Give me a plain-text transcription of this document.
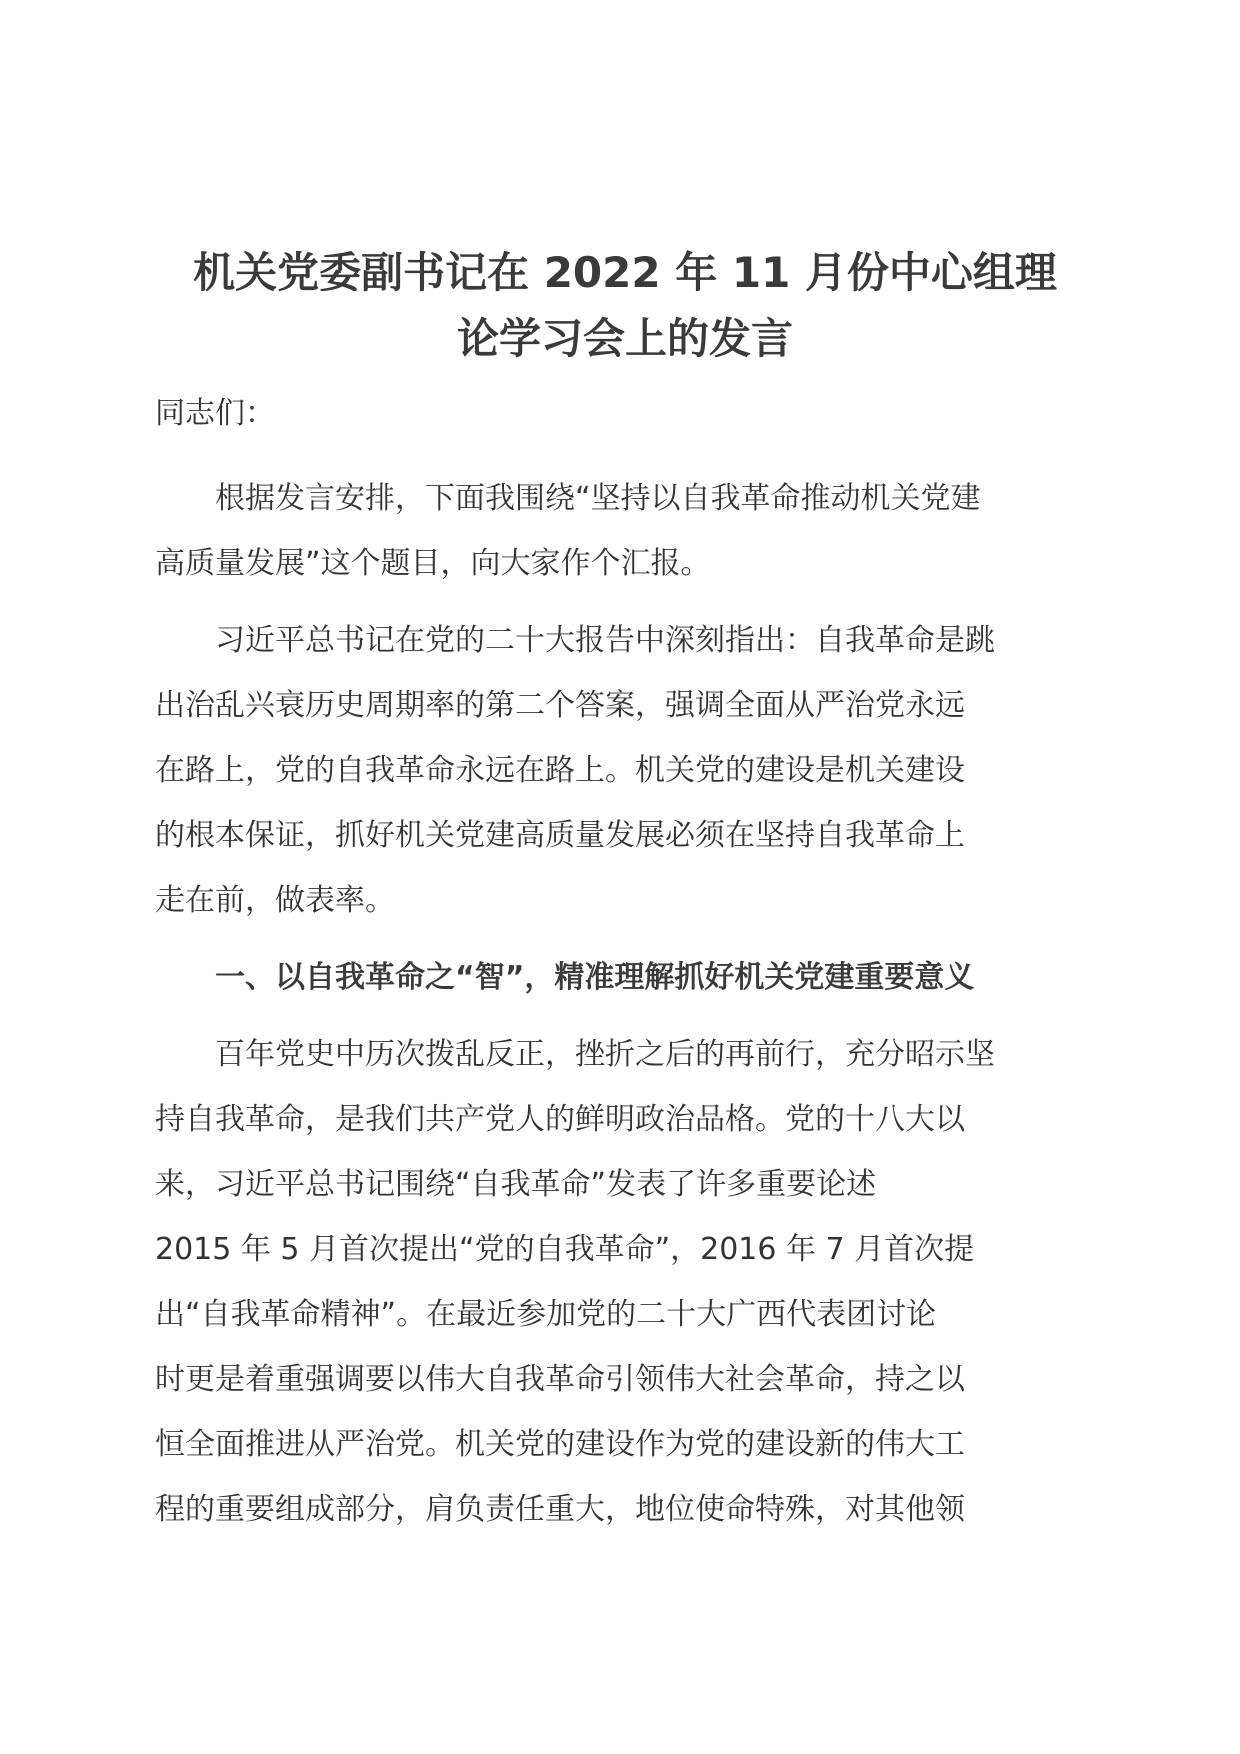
机关党委副书记在 2022 年 11 月份中心组理
论学习会上的发言

同志们：

根据发言安排，下面我围绕“坚持以自我革命推动机关党建
高质量发展”这个题目，向大家作个汇报。

习近平总书记在党的二十大报告中深刻指出：自我革命是跳
出治乱兴衰历史周期率的第二个答案，强调全面从严治党永远
在路上，党的自我革命永远在路上。机关党的建设是机关建设
的根本保证，抓好机关党建高质量发展必须在坚持自我革命上
走在前，做表率。

一、以自我革命之“智”，精准理解抓好机关党建重要意义

百年党史中历次拨乱反正，挫折之后的再前行，充分昭示坚
持自我革命，是我们共产党人的鲜明政治品格。党的十八大以
来，习近平总书记围绕“自我革命”发表了许多重要论述
2015 年 5 月首次提出“党的自我革命”，2016 年 7 月首次提
出“自我革命精神”。在最近参加党的二十大广西代表团讨论
时更是着重强调要以伟大自我革命引领伟大社会革命，持之以
恒全面推进从严治党。机关党的建设作为党的建设新的伟大工
程的重要组成部分，肩负责任重大，地位使命特殊，对其他领
